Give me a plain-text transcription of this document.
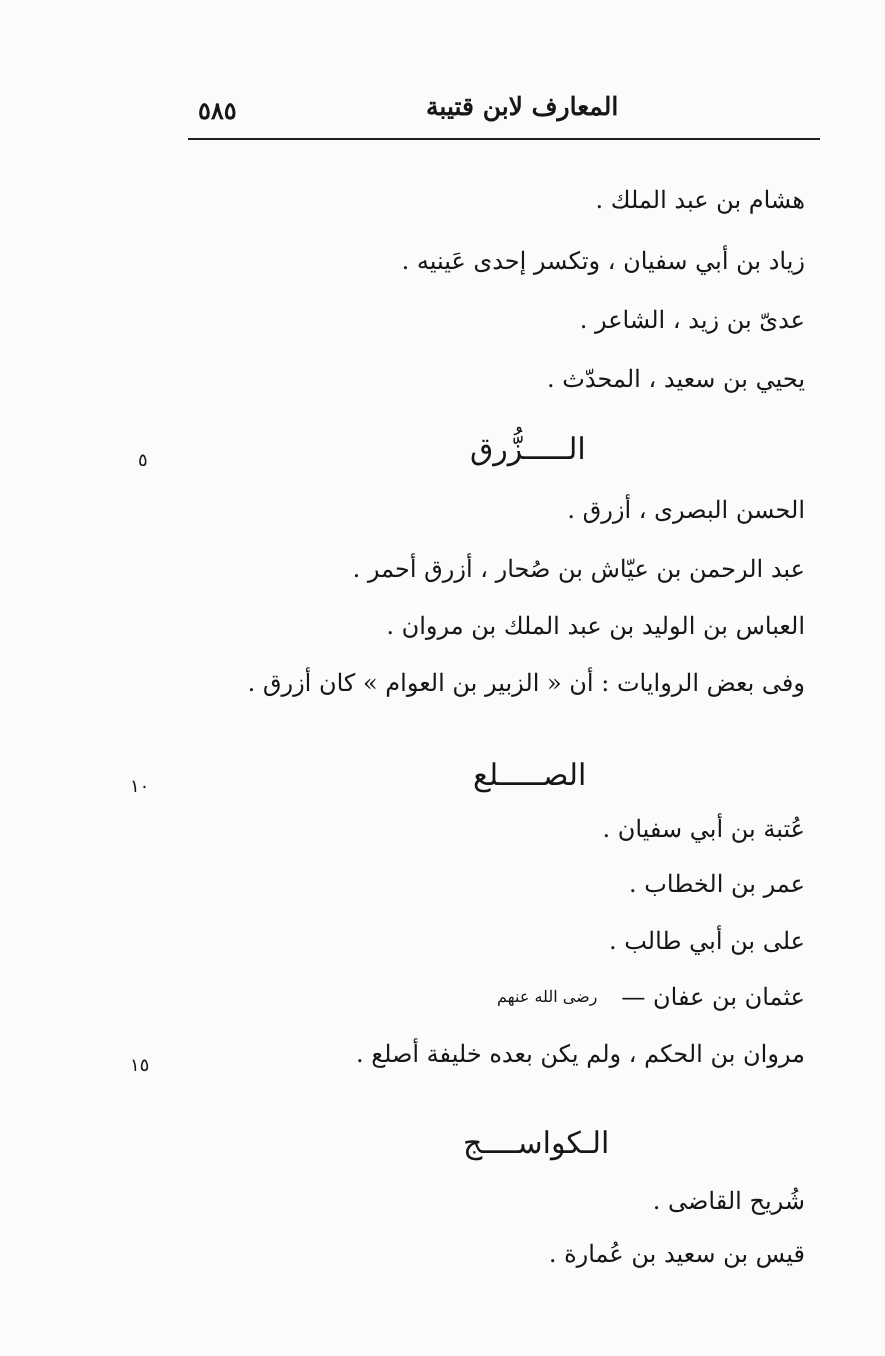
٥٨٥	المعارف لابن قتيبة
هشام بن عبد الملك .
زياد بن أبي سفيان ، وتكسر إحدى عَينيه .
عدىّ بن زيد ، الشاعر .
يحيي بن سعيد ، المحدّث .
الـــــزُّرق
٥
الحسن البصرى ، أزرق .
عبد الرحمن بن عيّاش بن صُحار ، أزرق أحمر .
العباس بن الوليد بن عبد الملك بن مروان .
وفى بعض الروايات : أن « الزبير بن العوام » كان أزرق .
الصـــــلع
١٠
عُتبة بن أبي سفيان .
عمر بن الخطاب .
على بن أبي طالب .
عثمان بن عفان —رضى الله عنهم
١٥	مروان بن الحكم ، ولم يكن بعده خليفة أصلع .
الـكواســــج
شُريح القاضى .
قيس بن سعيد بن عُمارة .
